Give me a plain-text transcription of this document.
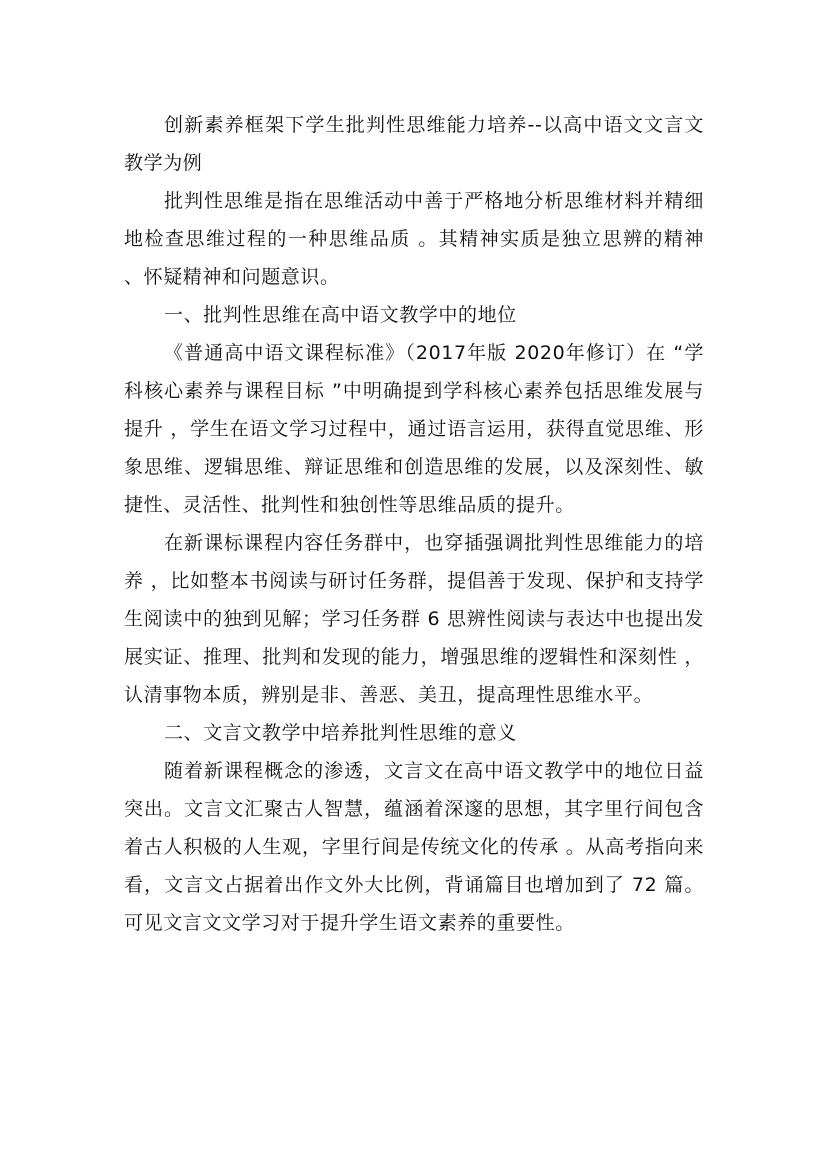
创新素养框架下学生批判性思维能力培养--以高中语文文言文教学为例

批判性思维是指在思维活动中善于严格地分析思维材料并精细地检查思维过程的一种思维品质 。其精神实质是独立思辨的精神 、怀疑精神和问题意识。

一、批判性思维在高中语文教学中的地位

《普通高中语文课程标准》（2017年版 2020年修订）在 “学科核心素养与课程目标 ”中明确提到学科核心素养包括思维发展与提升 ，学生在语文学习过程中，通过语言运用，获得直觉思维、形象思维、逻辑思维、辩证思维和创造思维的发展，以及深刻性、敏捷性、灵活性、批判性和独创性等思维品质的提升。

在新课标课程内容任务群中，也穿插强调批判性思维能力的培养 ，比如整本书阅读与研讨任务群，提倡善于发现、保护和支持学生阅读中的独到见解；学习任务群 6 思辨性阅读与表达中也提出发展实证、推理、批判和发现的能力，增强思维的逻辑性和深刻性 ，认清事物本质，辨别是非、善恶、美丑，提高理性思维水平。

二、文言文教学中培养批判性思维的意义

随着新课程概念的渗透，文言文在高中语文教学中的地位日益突出。文言文汇聚古人智慧，蕴涵着深邃的思想，其字里行间包含着古人积极的人生观，字里行间是传统文化的传承 。从高考指向来看，文言文占据着出作文外大比例，背诵篇目也增加到了 72 篇。可见文言文文学习对于提升学生语文素养的重要性。
